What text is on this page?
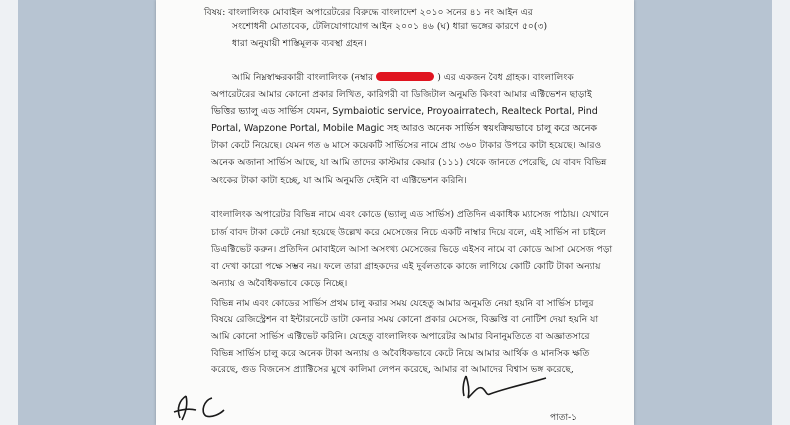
বিষয়: বাংলালিংক মোবাইল অপারেটরের বিরুদ্ধে বাংলাদেশ ২০১০ সনের ৪১ নং আইন এর
সংশোধনী মোতাবেক, টেলিযোগাযোগ আইন ২০০১ ৪৬ (ঘ) ধারা ভঙ্গের কারণে ৫০(৩)
ধারা অনুযায়ী শাস্তিমূলক ব্যবস্থা গ্রহন।
আমি নিম্নস্বাক্ষরকারী বাংলালিংক (নম্বার	) এর একজন বৈধ গ্রাহক। বাংলালিংক
অপারেটরের আমার কোনো প্রকার লিখিত, কারিগরী বা ডিজিটাল অনুমতি কিংবা আমার এক্টিভেশন ছাড়াই
ভিত্তির ভ্যালু এড সার্ভিস যেমন, Symbaiotic service, Proyoairratech, Realteck Portal, Pind
Portal, Wapzone Portal, Mobile Magic সহ আরও অনেক সার্ভিস স্বয়ংক্রিয়ভাবে চালু করে অনেক
টাকা কেটে নিয়েছে। যেমন গত ৬ মাসে কয়েকটি সার্ভিসের নামে প্রায় ৩৬০ টাকার উপরে কাটা হয়েছে। আরও
অনেক অজানা সার্ভিস আছে, যা আমি তাদের কাস্টমার কেয়ার (১১১) থেকে জানতে পেরেছি, যে বাবদ বিভিন্ন
অংকের টাকা কাটা হচ্ছে, যা আমি অনুমতি দেইনি বা এক্টিভেশন করিনি।
বাংলালিংক অপারেটর বিভিন্ন নামে এবং কোডে (ভ্যালু এড সার্ভিস) প্রতিদিন একাধিক ম্যাসেজ পাঠায়। যেখানে
চার্জ বাবদ টাকা কেটে নেয়া হয়েছে উল্লেখ করে মেসেজের নিচে একটি নাম্বার দিয়ে বলে, এই সার্ভিস না চাইলে
ডিএক্টিভেট করুন। প্রতিদিন মোবাইলে আসা অসংখ্য মেসেজের ভিড়ে এইসব নামে বা কোডে আসা মেসেজ পড়া
বা দেখা কারো পক্ষে সম্ভব নয়। ফলে তারা গ্রাহকদের এই দুর্বলতাকে কাজে লাগিয়ে কোটি কোটি টাকা অন্যায়
অন্যায় ও অবৈধিকভাবে কেড়ে নিচ্ছে।
বিভিন্ন নাম এবং কোডের সার্ভিস প্রথম চালু করার সময় যেহেতু আমার অনুমতি নেয়া হয়নি বা সার্ভিস চালুর
বিষয়ে রেজিস্ট্রেশন বা ইন্টারনেটে ডাটা কেনার সময় কোনো প্রকার মেসেজ, বিজ্ঞপ্তি বা নোটিশ দেয়া হয়নি যা
আমি কোনো সার্ভিস এক্টিভেট করিনি। যেহেতু বাংলালিংক অপারেটর আমার বিনানুমতিতে বা অজ্ঞাতসারে
বিভিন্ন সার্ভিস চালু করে অনেক টাকা অন্যায় ও অবৈধিকভাবে কেটে নিয়ে আমার আর্থিক ও মানসিক ক্ষতি
করেছে, গুড বিজনেস প্র্যাক্টিসের মুখে কালিমা লেপন করেছে, আমার বা আমাদের বিশ্বাস ভঙ্গ করেছে,
পাতা-১
